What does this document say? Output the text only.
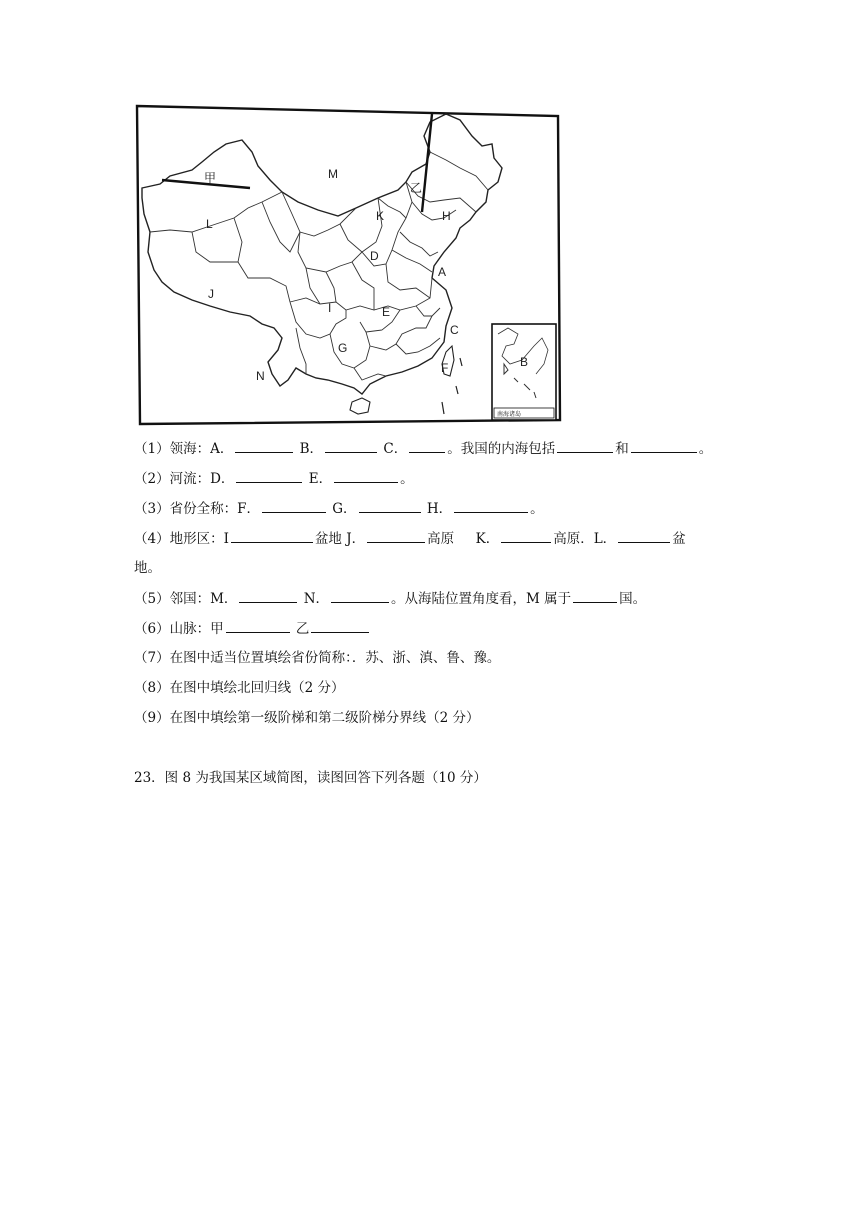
M
甲
乙
L
K	H
D
A
J
I	E
C
G
N
F	B
南海诸岛
（1）领海：A．	B．	C．	。我国的内海包括	和	。
（2）河流：D．	E．	。
（3）省份全称：F．	G．	H．	。
（4）地形区：I	盆地 J．	高原 K．	高原．L．	盆
地。
（5）邻国：M．	N．	。从海陆位置角度看，M 属于	国。
（6）山脉：甲	乙
（7）在图中适当位置填绘省份简称：．苏、浙、滇、鲁、豫。
（8）在图中填绘北回归线（2 分）
（9）在图中填绘第一级阶梯和第二级阶梯分界线（2 分）
23．图 8 为我国某区域简图，读图回答下列各题（10 分）
